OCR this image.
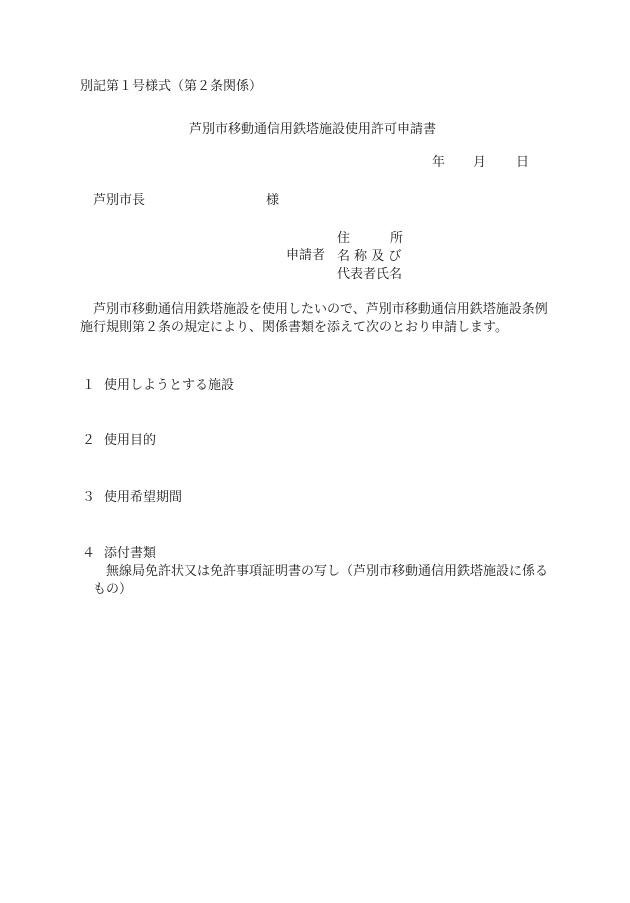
別記第１号様式（第２条関係）
芦別市移動通信用鉄塔施設使用許可申請書
年 月 日
芦別市長	様
申請者
住	所
名 称 及 び
代表者氏名
芦別市移動通信用鉄塔施設を使用したいので、芦別市移動通信用鉄塔施設条例施行規則第２条の規定により、関係書類を添えて次のとおり申請します。
１ 使用しようとする施設
２ 使用目的
３ 使用希望期間
４ 添付書類
無線局免許状又は免許事項証明書の写し（芦別市移動通信用鉄塔施設に係るもの）
